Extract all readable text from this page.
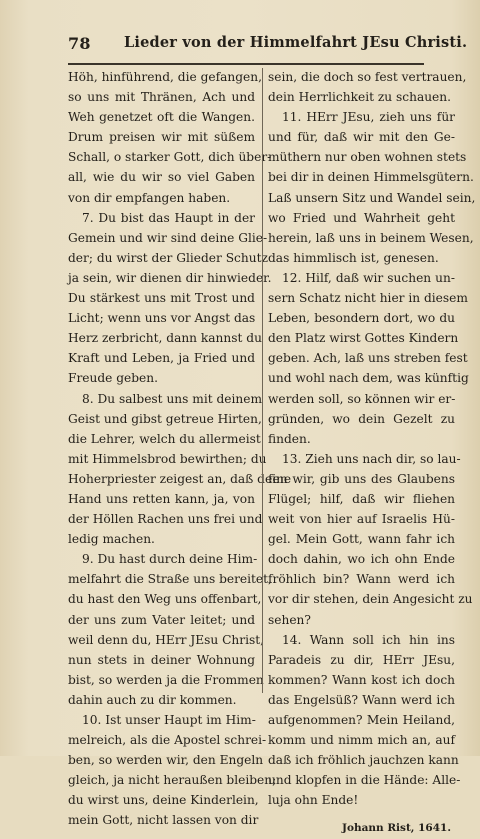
78 Lieder von der Himmelfahrt JEsu Christi.
Höh, hinführend, die gefangen,
so uns mit Thränen, Ach und
Weh genetzet oft die Wangen.
Drum preisen wir mit süßem
Schall, o starker Gott, dich über-
all, wie du wir so viel Gaben
von dir empfangen haben.
7. Du bist das Haupt in der
Gemein und wir sind deine Glie-
der; du wirst der Glieder Schutz
ja sein, wir dienen dir hinwieder.
Du stärkest uns mit Trost und
Licht; wenn uns vor Angst das
Herz zerbricht, dann kannst du
Kraft und Leben, ja Fried und
Freude geben.
8. Du salbest uns mit deinem
Geist und gibst getreue Hirten,
die Lehrer, welch du allermeist
mit Himmelsbrod bewirthen; du
Hoherpriester zeigest an, daß deine
Hand uns retten kann, ja, von
der Höllen Rachen uns frei und
ledig machen.
9. Du hast durch deine Him-
melfahrt die Straße uns bereitet,
du hast den Weg uns offenbart,
der uns zum Vater leitet; und
weil denn du, HErr JEsu Christ,
nun stets in deiner Wohnung
bist, so werden ja die Frommen
dahin auch zu dir kommen.
10. Ist unser Haupt im Him-
melreich, als die Apostel schrei-
ben, so werden wir, den Engeln
gleich, ja nicht heraußen bleiben;
du wirst uns, deine Kinderlein,
mein Gott, nicht lassen von dir
sein, die doch so fest vertrauen,
dein Herrlichkeit zu schauen.
11. HErr JEsu, zieh uns für
und für, daß wir mit den Ge-
müthern nur oben wohnen stets
bei dir in deinen Himmelsgütern.
Laß unsern Sitz und Wandel sein,
wo Fried und Wahrheit geht
herein, laß uns in beinem Wesen,
das himmlisch ist, genesen.
12. Hilf, daß wir suchen un-
sern Schatz nicht hier in diesem
Leben, besondern dort, wo du
den Platz wirst Gottes Kindern
geben. Ach, laß uns streben fest
und wohl nach dem, was künftig
werden soll, so können wir er-
gründen, wo dein Gezelt zu
finden.
13. Zieh uns nach dir, so lau-
fen wir, gib uns des Glaubens
Flügel; hilf, daß wir fliehen
weit von hier auf Israelis Hü-
gel. Mein Gott, wann fahr ich
doch dahin, wo ich ohn Ende
fröhlich bin? Wann werd ich
vor dir stehen, dein Angesicht zu
sehen?
14. Wann soll ich hin ins
Paradeis zu dir, HErr JEsu,
kommen? Wann kost ich doch
das Engelsüß? Wann werd ich
aufgenommen? Mein Heiland,
komm und nimm mich an, auf
daß ich fröhlich jauchzen kann
und klopfen in die Hände: Alle-
luja ohn Ende!
Johann Rist, 1641.
